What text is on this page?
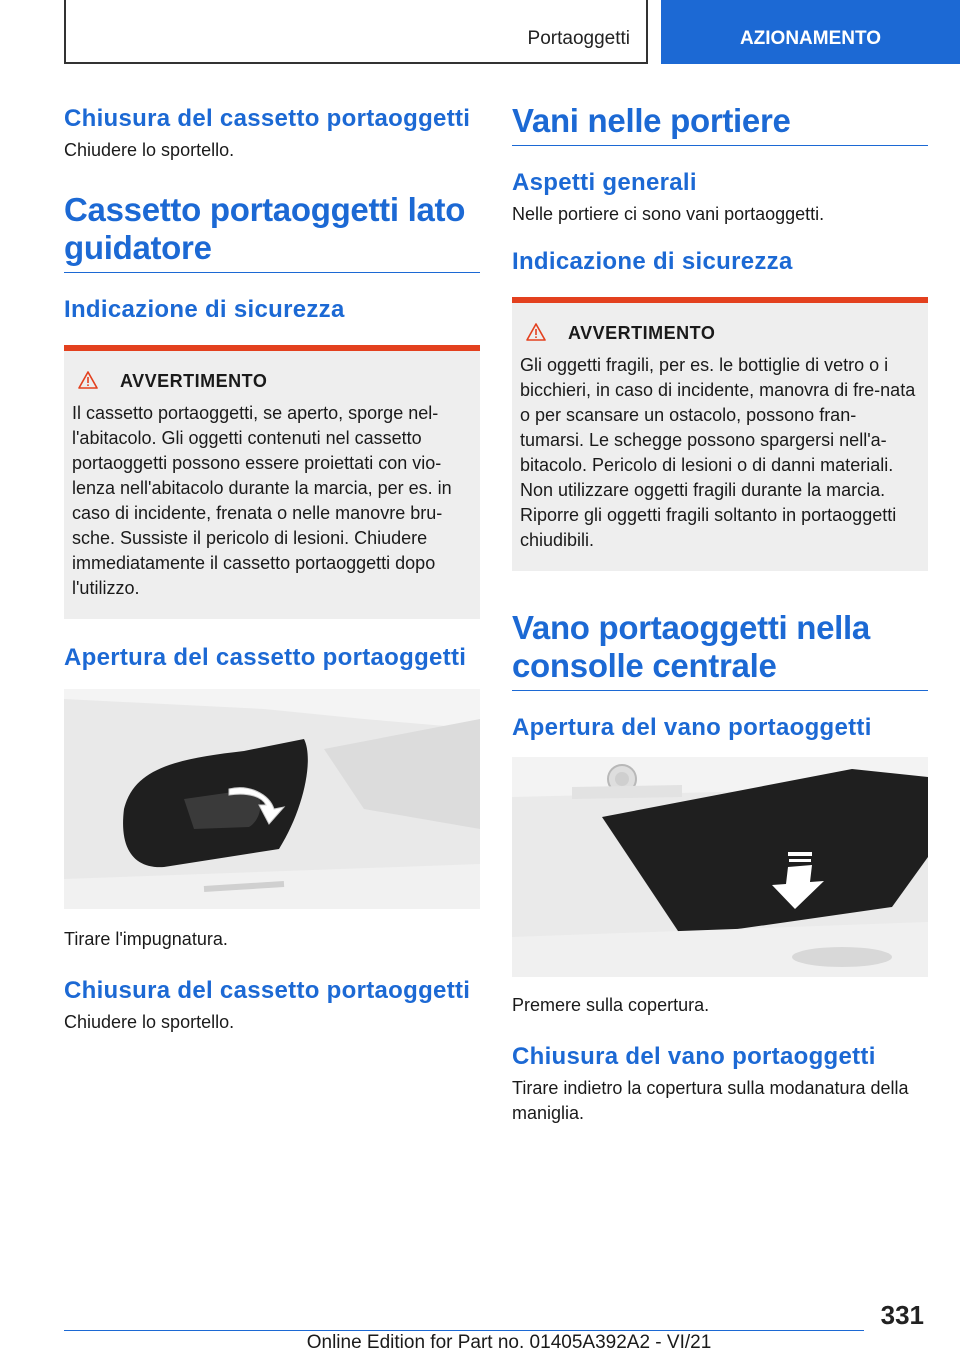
Portaoggetti	AZIONAMENTO
Chiusura del cassetto portaoggetti

Chiudere lo sportello.

Cassetto portaoggetti lato guidatore
Indicazione di sicurezza
AVVERTIMENTO

Il cassetto portaoggetti, se aperto, sporge nel-l'abitacolo. Gli oggetti contenuti nel cassetto portaoggetti possono essere proiettati con vio-lenza nell'abitacolo durante la marcia, per es. in caso di incidente, frenata o nelle manovre bru-sche. Sussiste il pericolo di lesioni. Chiudere immediatamente il cassetto portaoggetti dopo l'utilizzo.

Apertura del cassetto portaoggetti

Tirare l'impugnatura.

Chiusura del cassetto portaoggetti

Chiudere lo sportello.

Vani nelle portiere
Aspetti generali

Nelle portiere ci sono vani portaoggetti.

Indicazione di sicurezza
AVVERTIMENTO

Gli oggetti fragili, per es. le bottiglie di vetro o i bicchieri, in caso di incidente, manovra di fre-nata o per scansare un ostacolo, possono fran-tumarsi. Le schegge possono spargersi nell'a-bitacolo. Pericolo di lesioni o di danni materiali. Non utilizzare oggetti fragili durante la marcia. Riporre gli oggetti fragili soltanto in portaoggetti chiudibili.

Vano portaoggetti nella consolle centrale
Apertura del vano portaoggetti

Premere sulla copertura.

Chiusura del vano portaoggetti

Tirare indietro la copertura sulla modanatura della maniglia.

331
Online Edition for Part no. 01405A392A2 - VI/21
